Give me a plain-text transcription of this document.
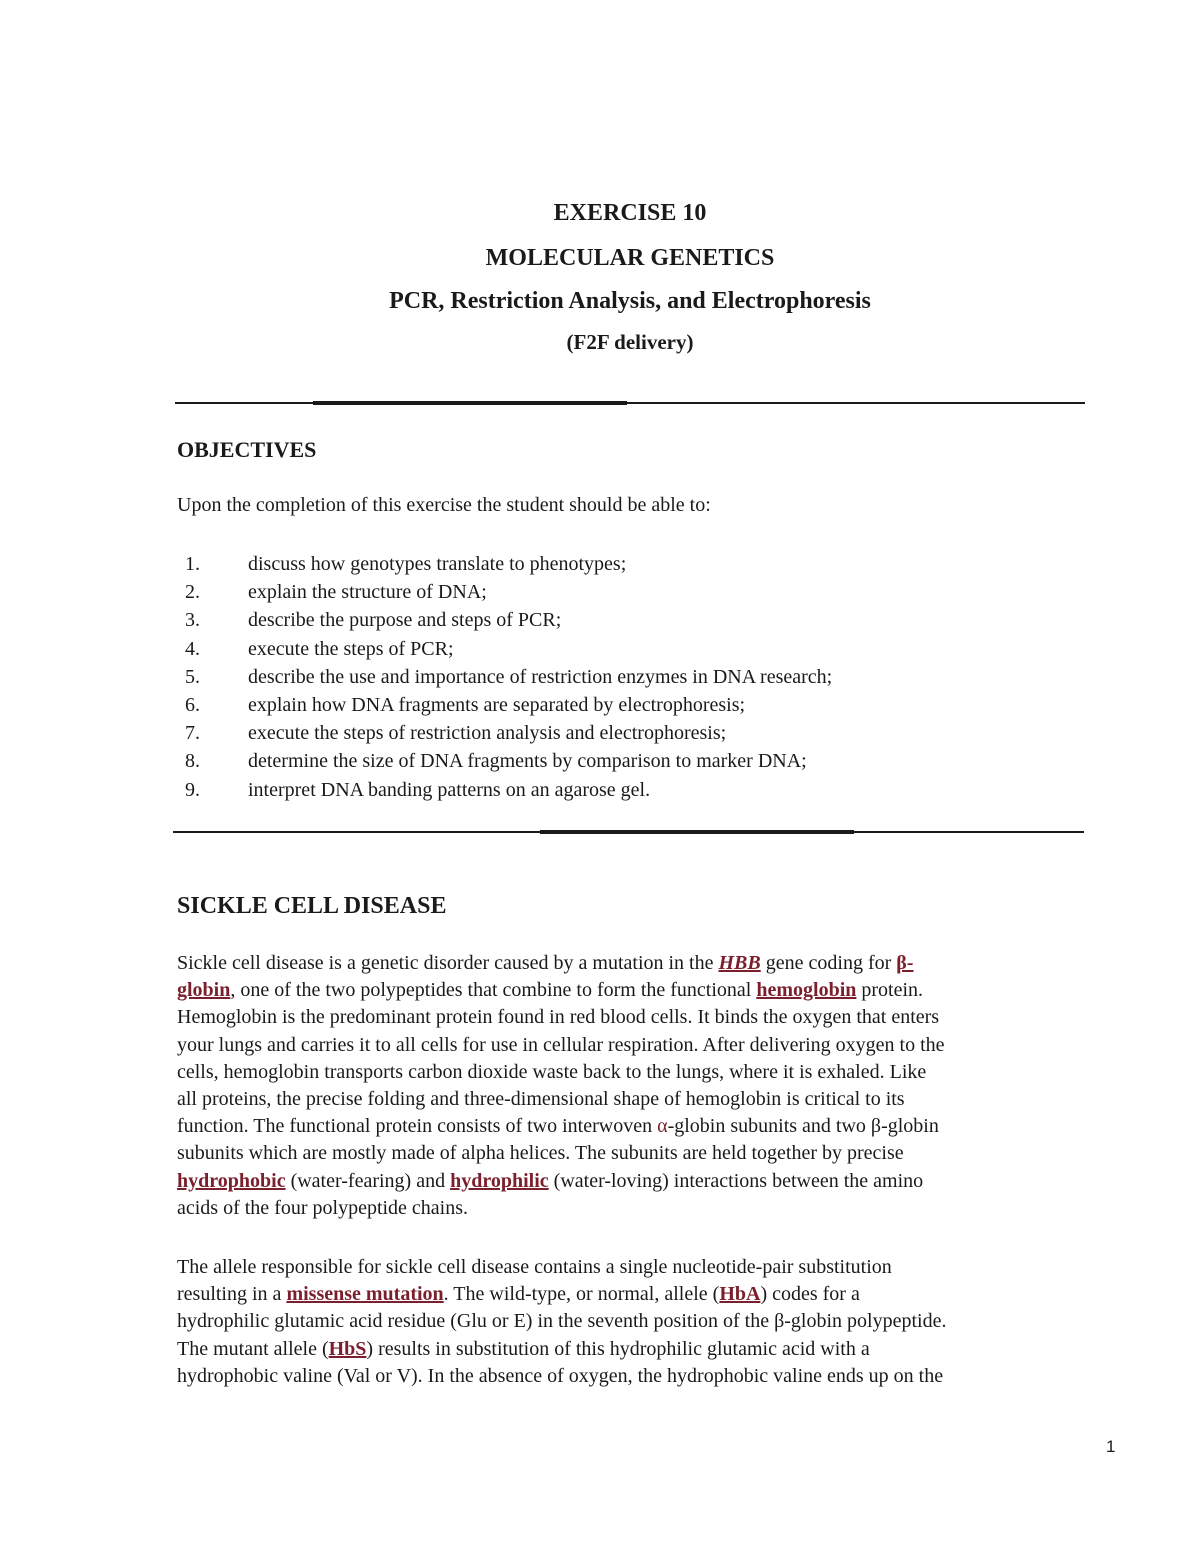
EXERCISE 10

MOLECULAR GENETICS

PCR, Restriction Analysis, and Electrophoresis

(F2F delivery)

OBJECTIVES

Upon the completion of this exercise the student should be able to:

1. discuss how genotypes translate to phenotypes;
2. explain the structure of DNA;
3. describe the purpose and steps of PCR;
4. execute the steps of PCR;
5. describe the use and importance of restriction enzymes in DNA research;
6. explain how DNA fragments are separated by electrophoresis;
7. execute the steps of restriction analysis and electrophoresis;
8. determine the size of DNA fragments by comparison to marker DNA;
9. interpret DNA banding patterns on an agarose gel.

SICKLE CELL DISEASE

Sickle cell disease is a genetic disorder caused by a mutation in the HBB gene coding for β-
globin, one of the two polypeptides that combine to form the functional hemoglobin protein.
Hemoglobin is the predominant protein found in red blood cells. It binds the oxygen that enters
your lungs and carries it to all cells for use in cellular respiration. After delivering oxygen to the
cells, hemoglobin transports carbon dioxide waste back to the lungs, where it is exhaled. Like
all proteins, the precise folding and three-dimensional shape of hemoglobin is critical to its
function. The functional protein consists of two interwoven α-globin subunits and two β-globin
subunits which are mostly made of alpha helices. The subunits are held together by precise
hydrophobic (water-fearing) and hydrophilic (water-loving) interactions between the amino
acids of the four polypeptide chains.

The allele responsible for sickle cell disease contains a single nucleotide-pair substitution
resulting in a missense mutation. The wild-type, or normal, allele (HbA) codes for a
hydrophilic glutamic acid residue (Glu or E) in the seventh position of the β-globin polypeptide.
The mutant allele (HbS) results in substitution of this hydrophilic glutamic acid with a
hydrophobic valine (Val or V). In the absence of oxygen, the hydrophobic valine ends up on the

1
